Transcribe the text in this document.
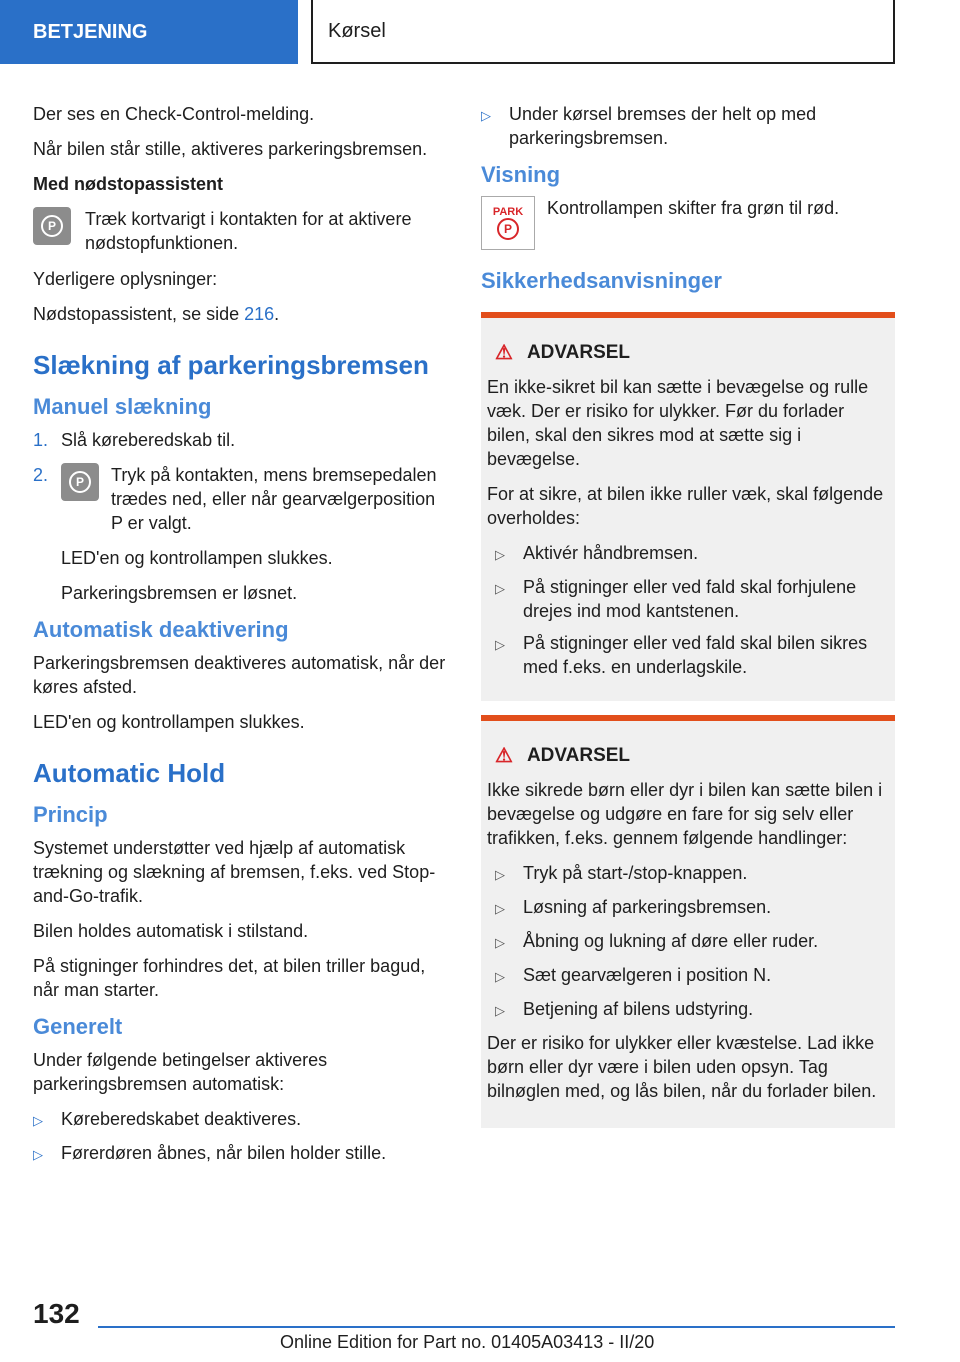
BETJENING	Kørsel

Der ses en Check-Control-melding.

Når bilen står stille, aktiveres parkeringsbremsen.

Med nødstopassistent

P	Træk kortvarigt i kontakten for at aktivere nødstopfunktionen.

Yderligere oplysninger:

Nødstopassistent, se side 216.

Slækning af parkeringsbremsen
Manuel slækning
1. Slå køreberedskab til.

2.	P	Tryk på kontakten, mens bremsepedalen trædes ned, eller når gearvælgerposition P er valgt.

LED'en og kontrollampen slukkes.

Parkeringsbremsen er løsnet.

Automatisk deaktivering

Parkeringsbremsen deaktiveres automatisk, når der køres afsted.

LED'en og kontrollampen slukkes.

Automatic Hold
Princip

Systemet understøtter ved hjælp af automatisk trækning og slækning af bremsen, f.eks. ved Stop-and-Go-trafik.

Bilen holdes automatisk i stilstand.

På stigninger forhindres det, at bilen triller bagud, når man starter.

Generelt

Under følgende betingelser aktiveres parkeringsbremsen automatisk:

▷	Køreberedskabet deaktiveres.

▷	Førerdøren åbnes, når bilen holder stille.

▷	Under kørsel bremses der helt op med parkeringsbremsen.

Visning
PARK
P

Kontrollampen skifter fra grøn til rød.

Sikkerhedsanvisninger
⚠ ADVARSEL

En ikke-sikret bil kan sætte i bevægelse og rulle væk. Der er risiko for ulykker. Før du forlader bilen, skal den sikres mod at sætte sig i bevægelse.

For at sikre, at bilen ikke ruller væk, skal følgende overholdes:

▷	Aktivér håndbremsen.

▷	På stigninger eller ved fald skal forhjulene drejes ind mod kantstenen.

▷	På stigninger eller ved fald skal bilen sikres med f.eks. en underlagskile.

⚠ ADVARSEL

Ikke sikrede børn eller dyr i bilen kan sætte bilen i bevægelse og udgøre en fare for sig selv eller trafikken, f.eks. gennem følgende handlinger:

▷	Tryk på start-/stop-knappen.

▷	Løsning af parkeringsbremsen.

▷	Åbning og lukning af døre eller ruder.

▷	Sæt gearvælgeren i position N.

▷	Betjening af bilens udstyring.

Der er risiko for ulykker eller kvæstelse. Lad ikke børn eller dyr være i bilen uden opsyn. Tag bilnøglen med, og lås bilen, når du forlader bilen.

132
Online Edition for Part no. 01405A03413 - II/20
